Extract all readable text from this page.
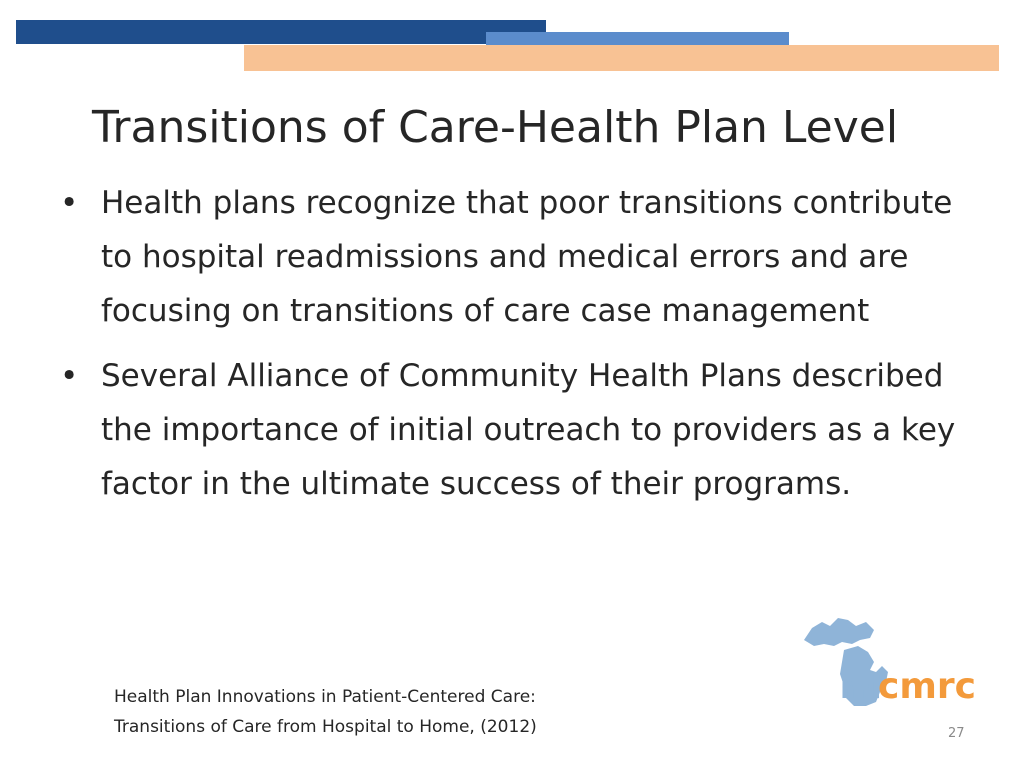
Transitions of Care-Health Plan Level
• Health plans recognize that poor transitions contribute to hospital readmissions and medical errors and are focusing on transitions of care case management
• Several Alliance of Community Health Plans described the importance of initial outreach to providers as a key factor in the ultimate success of their programs.
Health Plan Innovations in Patient-Centered Care:
Transitions of Care from Hospital to Home, (2012)
mi
cmrc
27
